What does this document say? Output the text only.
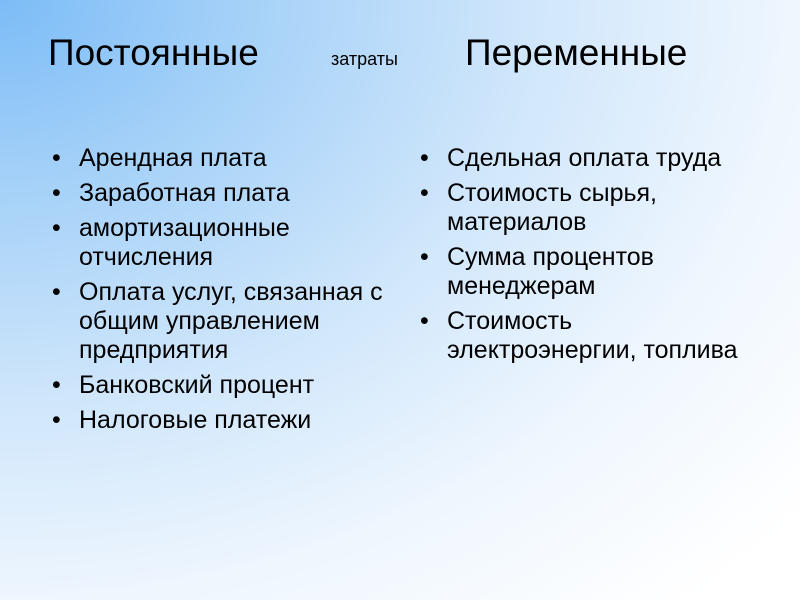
Постоянные	затраты Переменные
• Арендная плата
• Заработная плата
• амортизационные отчисления
• Оплата услуг, связанная с общим управлением предприятия
• Банковский процент
• Налоговые платежи
• Сдельная оплата труда
• Стоимость сырья, материалов
• Сумма процентов менеджерам
• Стоимость электроэнергии, топлива
